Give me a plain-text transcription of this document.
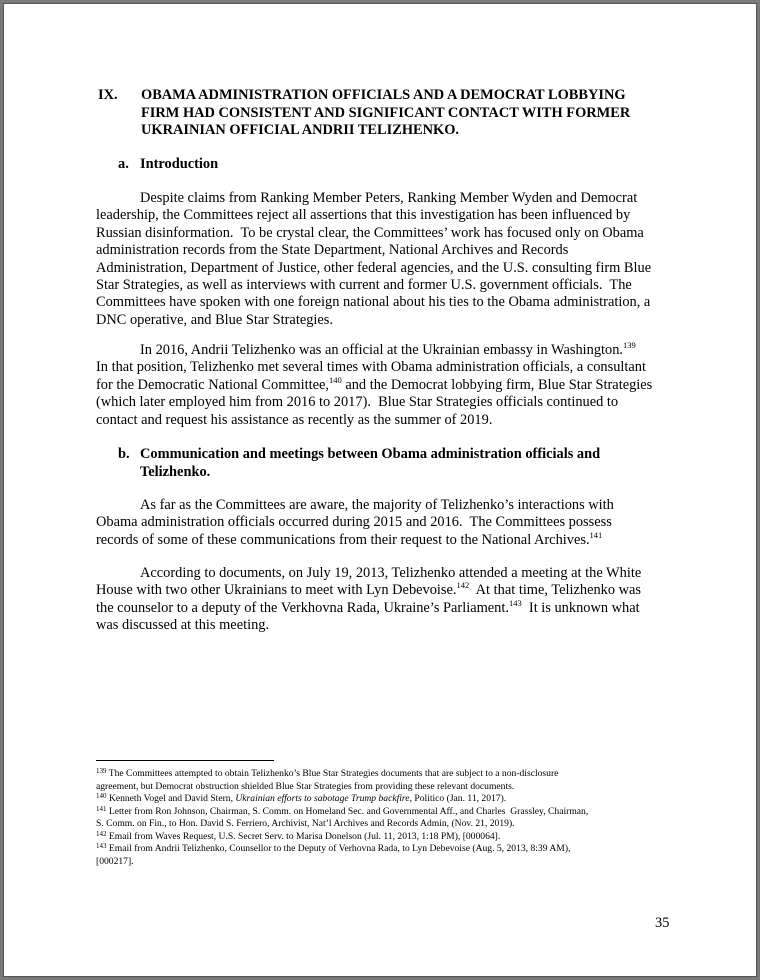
IX. OBAMA ADMINISTRATION OFFICIALS AND A DEMOCRAT LOBBYING
FIRM HAD CONSISTENT AND SIGNIFICANT CONTACT WITH FORMER
UKRAINIAN OFFICIAL ANDRII TELIZHENKO.
a. Introduction
Despite claims from Ranking Member Peters, Ranking Member Wyden and Democrat
leadership, the Committees reject all assertions that this investigation has been influenced by
Russian disinformation.  To be crystal clear, the Committees’ work has focused only on Obama
administration records from the State Department, National Archives and Records
Administration, Department of Justice, other federal agencies, and the U.S. consulting firm Blue
Star Strategies, as well as interviews with current and former U.S. government officials.  The
Committees have spoken with one foreign national about his ties to the Obama administration, a
DNC operative, and Blue Star Strategies.
In 2016, Andrii Telizhenko was an official at the Ukrainian embassy in Washington.$^{139}$
In that position, Telizhenko met several times with Obama administration officials, a consultant
for the Democratic National Committee,$^{140}$ and the Democrat lobbying firm, Blue Star Strategies
(which later employed him from 2016 to 2017).  Blue Star Strategies officials continued to
contact and request his assistance as recently as the summer of 2019.
b. Communication and meetings between Obama administration officials and
Telizhenko.
As far as the Committees are aware, the majority of Telizhenko’s interactions with
Obama administration officials occurred during 2015 and 2016.  The Committees possess
records of some of these communications from their request to the National Archives.$^{141}$
According to documents, on July 19, 2013, Telizhenko attended a meeting at the White
House with two other Ukrainians to meet with Lyn Debevoise.$^{142}$  At that time, Telizhenko was
the counselor to a deputy of the Verkhovna Rada, Ukraine’s Parliament.$^{143}$  It is unknown what
was discussed at this meeting.
$^{139}$ The Committees attempted to obtain Telizhenko’s Blue Star Strategies documents that are subject to a non-disclosure
agreement, but Democrat obstruction shielded Blue Star Strategies from providing these relevant documents.
$^{140}$ Kenneth Vogel and David Stern, Ukrainian efforts to sabotage Trump backfire, Politico (Jan. 11, 2017).
$^{141}$ Letter from Ron Johnson, Chairman, S. Comm. on Homeland Sec. and Governmental Aff., and Charles  Grassley, Chairman,
S. Comm. on Fin., to Hon. David S. Ferriero, Archivist, Nat’l Archives and Records Admin, (Nov. 21, 2019).
$^{142}$ Email from Waves Request, U.S. Secret Serv. to Marisa Donelson (Jul. 11, 2013, 1:18 PM), [000064].
$^{143}$ Email from Andrii Telizhenko, Counsellor to the Deputy of Verhovna Rada, to Lyn Debevoise (Aug. 5, 2013, 8:39 AM),
[000217].
35
